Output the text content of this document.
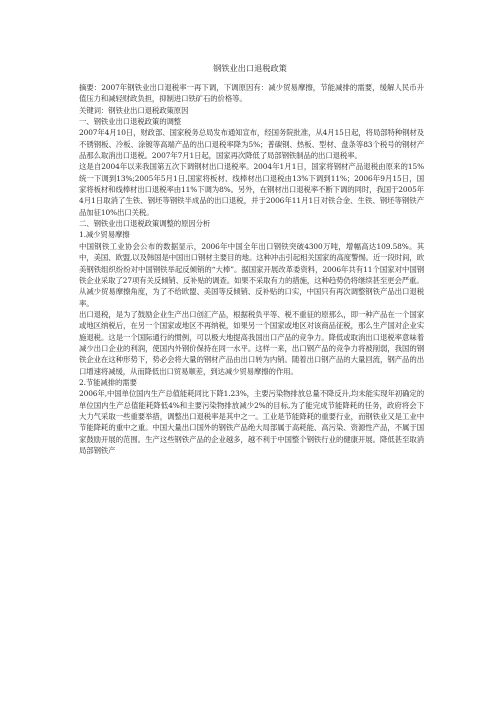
钢铁业出口退税政策

摘要：2007年钢铁业出口退税率一再下调，下调原因有：减少贸易摩擦，节能减排的需要，缓解人民币升值压力和减轻财政负担，抑制进口铁矿石的价格等。

关键词：钢铁业出口退税政策原因

一、钢铁业出口退税政策的调整

2007年4月10日，财政部、国家税务总局发布通知宣布，经国务院批准，从4月15日起，将局部特种钢材及不锈钢板、冷板、涂镀等高端产品的出口退税率降为5%；普碳钢、热板、型材、盘条等83个税号的钢材产品那么取消出口退税。2007年7月1日起，国家再次降低了局部钢铁制品的出口退税率。

这是自2004年以来我国第五次下调钢材出口退税率。2004年1月1日，国家将钢材产品退税由原来的15%统一下调到13%;2005年5月1日,国家将板材、线棒材出口退税由13%下调到11%；2006年9月15日，国家将板材和线棒材出口退税率由11%下调为8%。另外，在钢材出口退税率不断下调的同时，我国于2005年4月1日取消了生铁、钢坯等钢铁半成品的出口退税，并于2006年11月1日对铁合金、生铁、钢坯等钢铁产品加征10%出口关税。

二、钢铁业出口退税政策调整的原因分析

1.减少贸易摩擦

中国钢铁工业协会公布的数据显示，2006年中国全年出口钢铁突破4300万吨，增幅高达109.58%。其中，美国、欧盟,以及韩国是中国出口钢材主要目的地。这种冲击引起相关国家的高度警惕。近一段时间，欧美钢铁组织纷纷对中国钢铁举起反倾销的“大棒”。据国家开展改革委资料，2006年共有11个国家对中国钢铁企业采取了27项有关反倾销、反补贴的调查。如果不采取有力的措施，这种趋势仍将继续甚至更会严重。

从减少贸易摩擦角度，为了不给欧盟、美国等反倾销、反补贴的口实，中国只有再次调整钢铁产品出口退税率。

出口退税，是为了鼓励企业生产出口创汇产品，根据税负平等、税不重征的原那么，即一种产品在一个国家或地区纳税后，在另一个国家或地区不再纳税，如果另一个国家或地区对该商品征税，那么生产国对企业实施退税。这是一个国际通行的惯例，可以极大地提高我国出口产品的竞争力。降低或取消出口退税率意味着减少出口企业的利润，使国内外钢价保持在同一水平。这样一来，出口钢产品的竞争力将被削弱，我国的钢铁企业在这种形势下，势必会将大量的钢材产品由出口转为内销。随着出口钢产品的大量回流，钢产品的出口增速将减缓，从而降低出口贸易顺差，到达减少贸易摩擦的作用。

2.节能减排的需要

2006年,中国单位国内生产总值能耗同比下降1.23%，主要污染物排放总量不降反升,均未能实现年初确定的单位国内生产总值能耗降低4%和主要污染物排放减少2%的目标,为了能完成节能降耗的任务，政府将会下大力气采取一些重要举措，调整出口退税率是其中之一。工业是节能降耗的重要行业，而钢铁业又是工业中节能降耗的重中之重。中国大量出口国外的钢铁产品绝大局部属于高耗能、高污染、资源性产品，不属于国家鼓励开展的范围。生产这些钢铁产品的企业越多，越不利于中国整个钢铁行业的健康开展。降低甚至取消局部钢铁产
